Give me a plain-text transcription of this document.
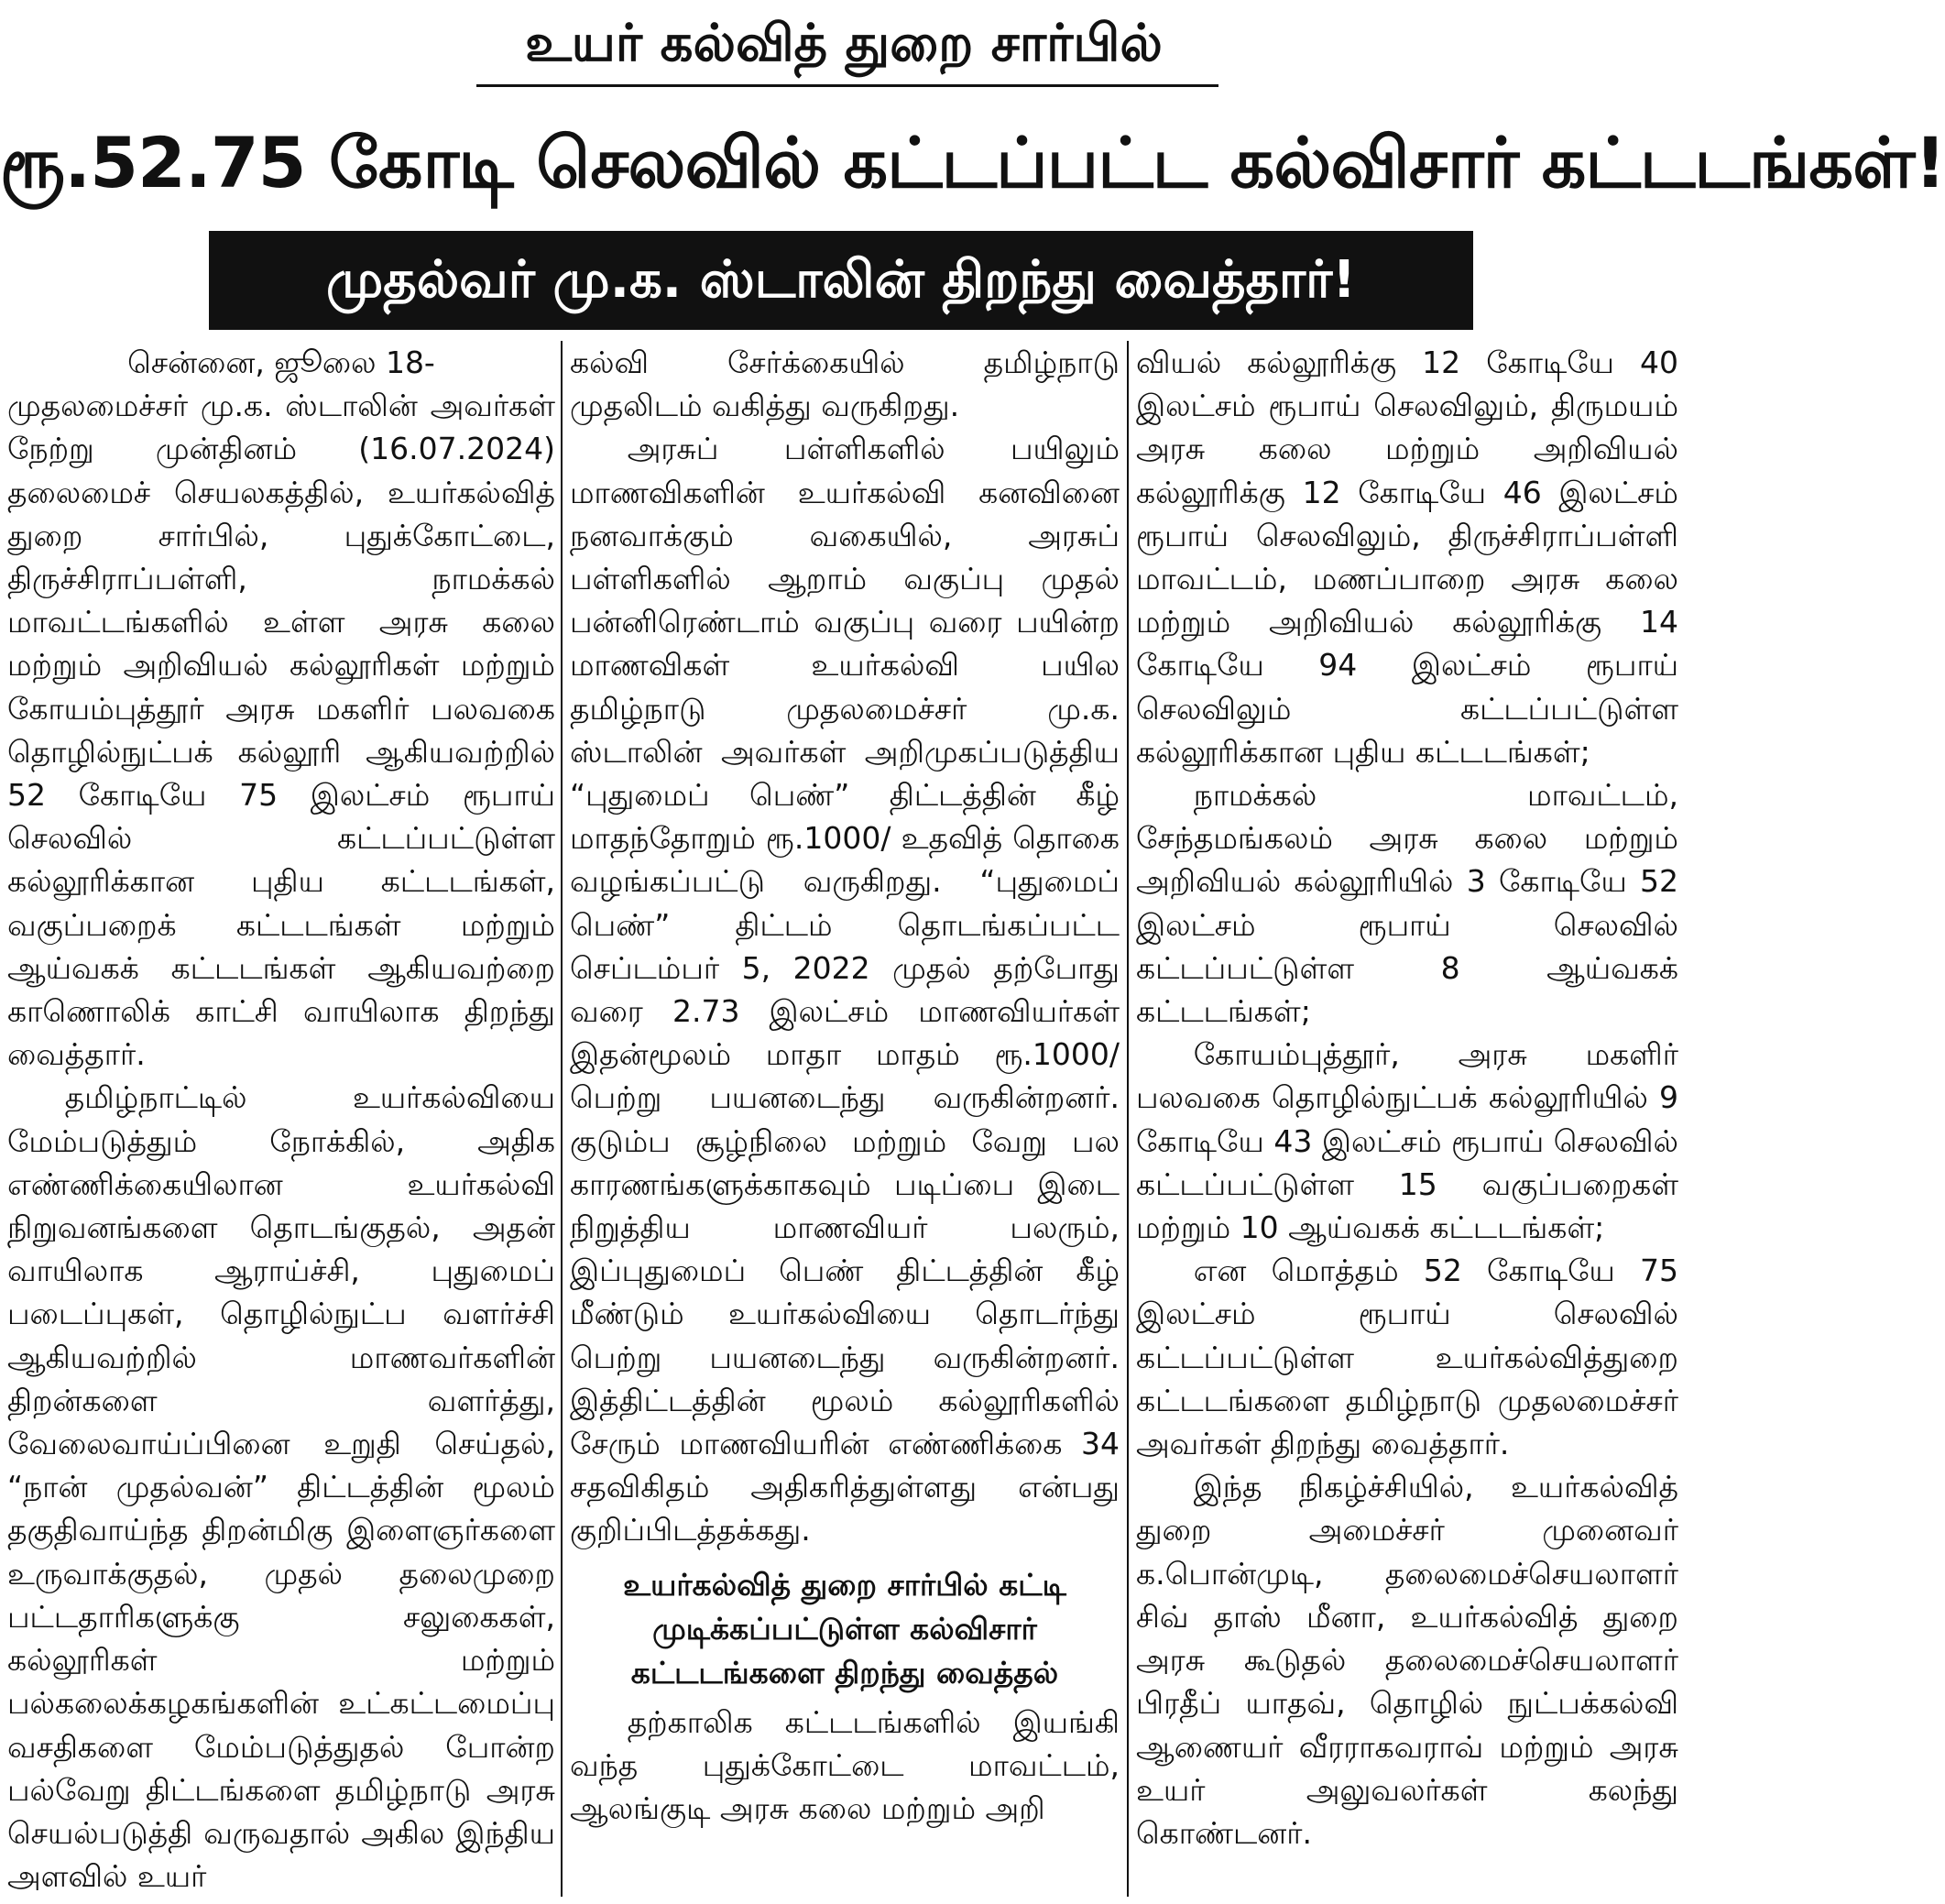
உயர் கல்வித் துறை சார்பில்
ரூ.52.75 கோடி செலவில் கட்டப்பட்ட கல்விசார் கட்டடங்கள்!
முதல்வர் மு.க. ஸ்டாலின் திறந்து வைத்தார்!

சென்னை, ஜூலை 18-

முதலமைச்சர் மு.க. ஸ்டாலின் அவர்கள் நேற்று முன்தினம் (16.07.2024) தலைமைச் செயலகத்தில், உயர்கல்வித் துறை சார்பில், புதுக்கோட்டை, திருச்சிராப்பள்ளி, நாமக்கல் மாவட்டங்களில் உள்ள அரசு கலை மற்றும் அறிவியல் கல்லூரிகள் மற்றும் கோயம்புத்தூர் அரசு மகளிர் பலவகை தொழில்நுட்பக் கல்லூரி ஆகியவற்றில் 52 கோடியே 75 இலட்சம் ரூபாய் செலவில் கட்டப்பட்டுள்ள கல்லூரிக்கான புதிய கட்டடங்கள், வகுப்பறைக் கட்டடங்கள் மற்றும் ஆய்வகக் கட்டடங்கள் ஆகியவற்றை காணொலிக் காட்சி வாயிலாக திறந்து வைத்தார்.

தமிழ்நாட்டில் உயர்கல்வியை மேம்படுத்தும் நோக்கில், அதிக எண்ணிக்கையிலான உயர்கல்வி நிறுவனங்களை தொடங்குதல், அதன் வாயிலாக ஆராய்ச்சி, புதுமைப் படைப்புகள், தொழில்நுட்ப வளர்ச்சி ஆகியவற்றில் மாணவர்களின் திறன்களை வளர்த்து, வேலைவாய்ப்பினை உறுதி செய்தல், “நான் முதல்வன்” திட்டத்தின் மூலம் தகுதிவாய்ந்த திறன்மிகு இளைஞர்களை உருவாக்குதல், முதல் தலைமுறை பட்டதாரிகளுக்கு சலுகைகள், கல்லூரிகள் மற்றும் பல்கலைக்கழகங்களின் உட்கட்டமைப்பு வசதிகளை மேம்படுத்துதல் போன்ற பல்வேறு திட்டங்களை தமிழ்நாடு அரசு செயல்படுத்தி வருவதால் அகில இந்திய அளவில் உயர்

கல்வி சேர்க்கையில் தமிழ்நாடு முதலிடம் வகித்து வருகிறது.

அரசுப் பள்ளிகளில் பயிலும் மாணவிகளின் உயர்கல்வி கனவினை நனவாக்கும் வகையில், அரசுப் பள்ளிகளில் ஆறாம் வகுப்பு முதல் பன்னிரெண்டாம் வகுப்பு வரை பயின்ற மாணவிகள் உயர்கல்வி பயில தமிழ்நாடு முதலமைச்சர் மு.க. ஸ்டாலின் அவர்கள் அறிமுகப்படுத்திய “புதுமைப் பெண்” திட்டத்தின் கீழ் மாதந்தோறும் ரூ.1000/ உதவித் தொகை வழங்கப்பட்டு வருகிறது. “புதுமைப் பெண்” திட்டம் தொடங்கப்பட்ட செப்டம்பர் 5, 2022 முதல் தற்போது வரை 2.73 இலட்சம் மாணவியர்கள் இதன்மூலம் மாதா மாதம் ரூ.1000/ பெற்று பயனடைந்து வருகின்றனர். குடும்ப சூழ்நிலை மற்றும் வேறு பல காரணங்களுக்காகவும் படிப்பை இடை நிறுத்திய மாணவியர் பலரும், இப்புதுமைப் பெண் திட்டத்தின் கீழ் மீண்டும் உயர்கல்வியை தொடர்ந்து பெற்று பயனடைந்து வருகின்றனர். இத்திட்டத்தின் மூலம் கல்லூரிகளில் சேரும் மாணவியரின் எண்ணிக்கை 34 சதவிகிதம் அதிகரித்துள்ளது என்பது குறிப்பிடத்தக்கது.

உயர்கல்வித் துறை சார்பில் கட்டி முடிக்கப்பட்டுள்ள கல்விசார் கட்டடங்களை திறந்து வைத்தல்

தற்காலிக கட்டடங்களில் இயங்கி வந்த புதுக்கோட்டை மாவட்டம், ஆலங்குடி அரசு கலை மற்றும் அறி

வியல் கல்லூரிக்கு 12 கோடியே 40 இலட்சம் ரூபாய் செலவிலும், திருமயம் அரசு கலை மற்றும் அறிவியல் கல்லூரிக்கு 12 கோடியே 46 இலட்சம் ரூபாய் செலவிலும், திருச்சிராப்பள்ளி மாவட்டம், மணப்பாறை அரசு கலை மற்றும் அறிவியல் கல்லூரிக்கு 14 கோடியே 94 இலட்சம் ரூபாய் செலவிலும் கட்டப்பட்டுள்ள கல்லூரிக்கான புதிய கட்டடங்கள்;

நாமக்கல் மாவட்டம், சேந்தமங்கலம் அரசு கலை மற்றும் அறிவியல் கல்லூரியில் 3 கோடியே 52 இலட்சம் ரூபாய் செலவில் கட்டப்பட்டுள்ள 8 ஆய்வகக் கட்டடங்கள்;

கோயம்புத்தூர், அரசு மகளிர் பலவகை தொழில்நுட்பக் கல்லூரியில் 9 கோடியே 43 இலட்சம் ரூபாய் செலவில் கட்டப்பட்டுள்ள 15 வகுப்பறைகள் மற்றும் 10 ஆய்வகக் கட்டடங்கள்;

என மொத்தம் 52 கோடியே 75 இலட்சம் ரூபாய் செலவில் கட்டப்பட்டுள்ள உயர்கல்வித்துறை கட்டடங்களை தமிழ்நாடு முதலமைச்சர் அவர்கள் திறந்து வைத்தார்.

இந்த நிகழ்ச்சியில், உயர்கல்வித் துறை அமைச்சர் முனைவர் க.பொன்முடி, தலைமைச்செயலாளர் சிவ் தாஸ் மீனா, உயர்கல்வித் துறை அரசு கூடுதல் தலைமைச்செயலாளர் பிரதீப் யாதவ், தொழில் நுட்பக்கல்வி ஆணையர் வீரராகவராவ் மற்றும் அரசு உயர் அலுவலர்கள் கலந்து கொண்டனர்.
